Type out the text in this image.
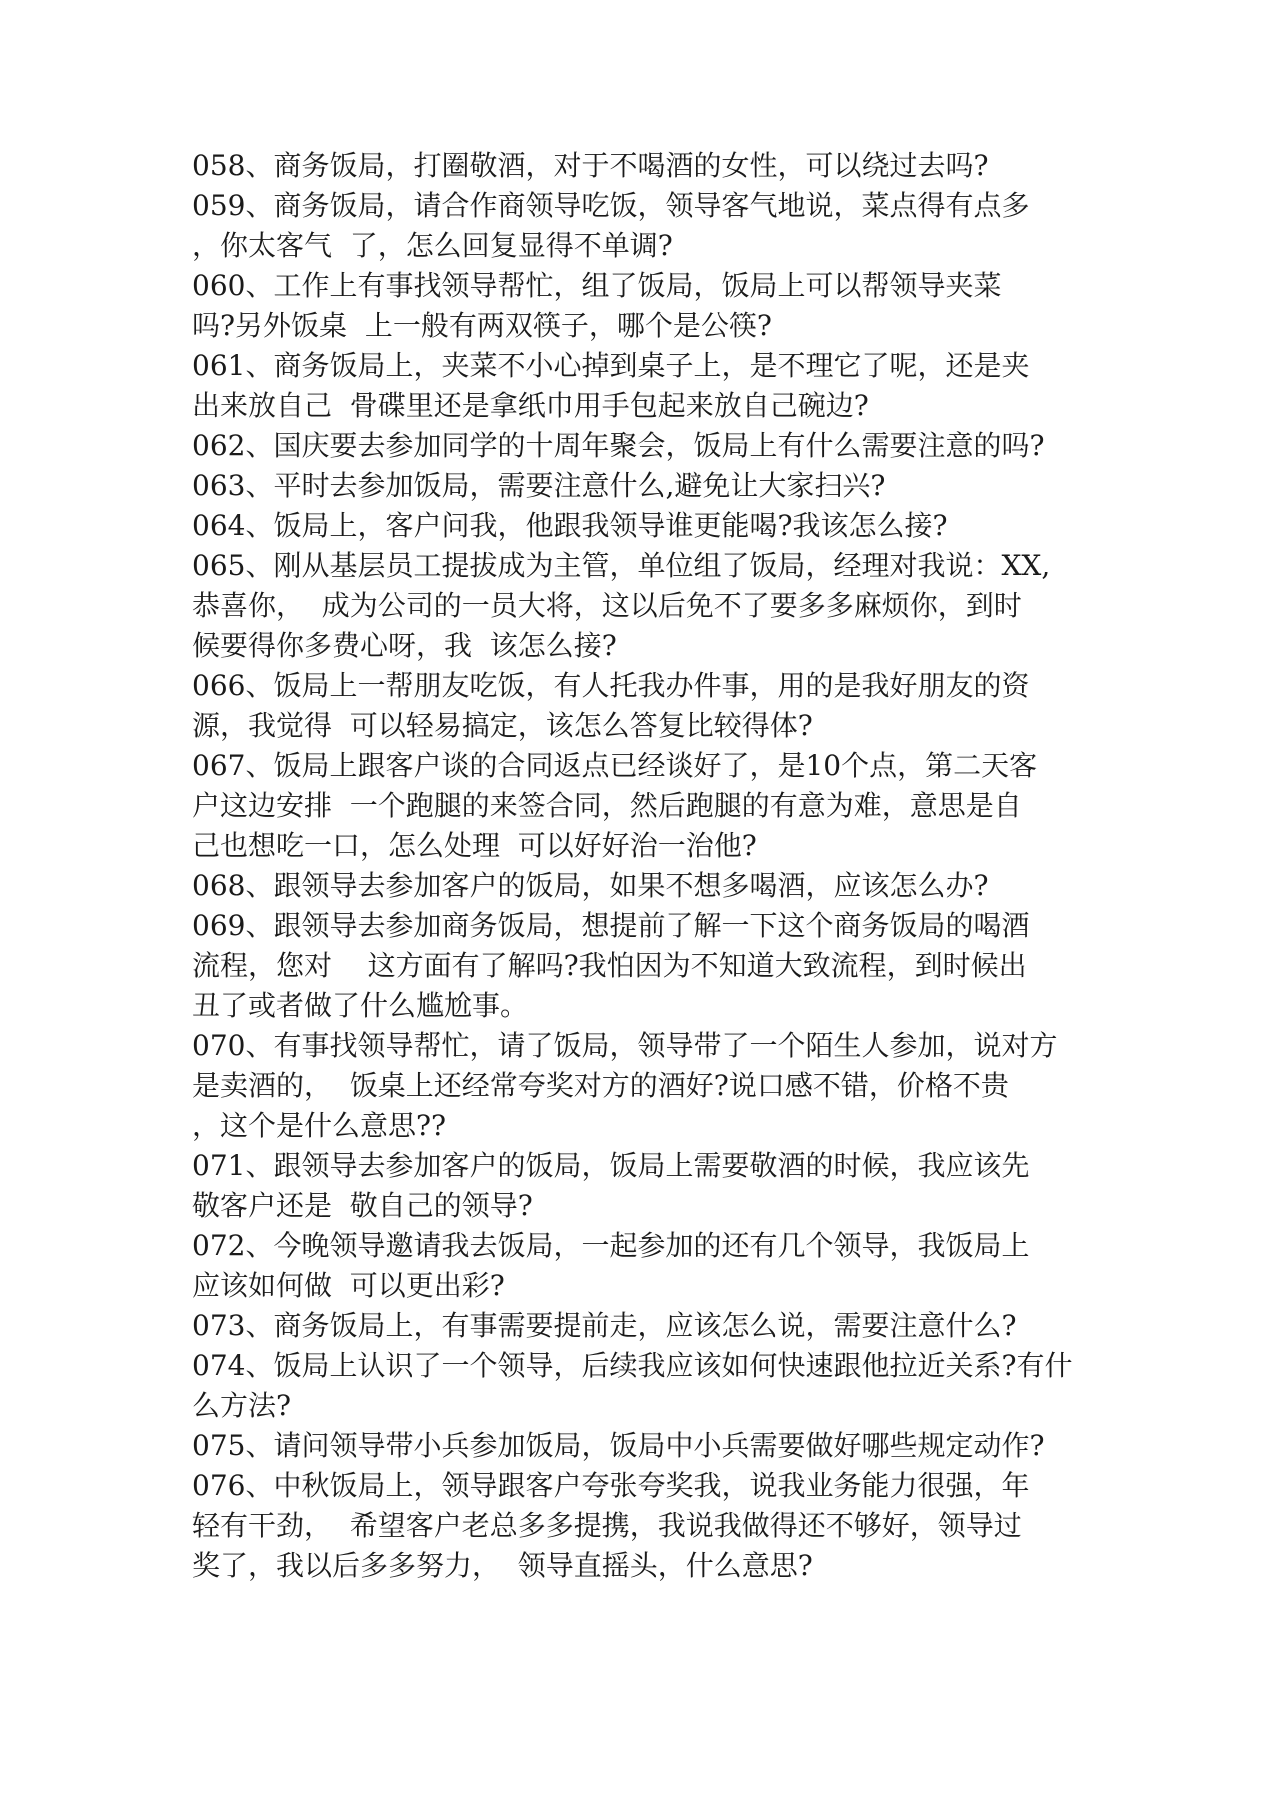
058、商务饭局，打圈敬酒，对于不喝酒的女性，可以绕过去吗?
059、商务饭局，请合作商领导吃饭，领导客气地说，菜点得有点多
，你太客气  了，怎么回复显得不单调?
060、工作上有事找领导帮忙，组了饭局，饭局上可以帮领导夹菜
吗?另外饭桌  上一般有两双筷子，哪个是公筷?
061、商务饭局上，夹菜不小心掉到桌子上，是不理它了呢，还是夹
出来放自己  骨碟里还是拿纸巾用手包起来放自己碗边?
062、国庆要去参加同学的十周年聚会，饭局上有什么需要注意的吗?
063、平时去参加饭局，需要注意什么,避免让大家扫兴?
064、饭局上，客户问我，他跟我领导谁更能喝?我该怎么接?
065、刚从基层员工提拔成为主管，单位组了饭局，经理对我说：XX,
恭喜你，  成为公司的一员大将，这以后免不了要多多麻烦你，到时
候要得你多费心呀，我  该怎么接?
066、饭局上一帮朋友吃饭，有人托我办件事，用的是我好朋友的资
源，我觉得  可以轻易搞定，该怎么答复比较得体?
067、饭局上跟客户谈的合同返点已经谈好了，是10个点，第二天客
户这边安排  一个跑腿的来签合同，然后跑腿的有意为难，意思是自
己也想吃一口，怎么处理  可以好好治一治他?
068、跟领导去参加客户的饭局，如果不想多喝酒，应该怎么办?
069、跟领导去参加商务饭局，想提前了解一下这个商务饭局的喝酒
流程，您对    这方面有了解吗?我怕因为不知道大致流程，到时候出
丑了或者做了什么尴尬事。
070、有事找领导帮忙，请了饭局，领导带了一个陌生人参加，说对方
是卖酒的，  饭桌上还经常夸奖对方的酒好?说口感不错，价格不贵
，这个是什么意思??
071、跟领导去参加客户的饭局，饭局上需要敬酒的时候，我应该先
敬客户还是  敬自己的领导?
072、今晚领导邀请我去饭局，一起参加的还有几个领导，我饭局上
应该如何做  可以更出彩?
073、商务饭局上，有事需要提前走，应该怎么说，需要注意什么?
074、饭局上认识了一个领导，后续我应该如何快速跟他拉近关系?有什
么方法?
075、请问领导带小兵参加饭局，饭局中小兵需要做好哪些规定动作?
076、中秋饭局上，领导跟客户夸张夸奖我，说我业务能力很强，年
轻有干劲，  希望客户老总多多提携，我说我做得还不够好，领导过
奖了，我以后多多努力，  领导直摇头，什么意思?
